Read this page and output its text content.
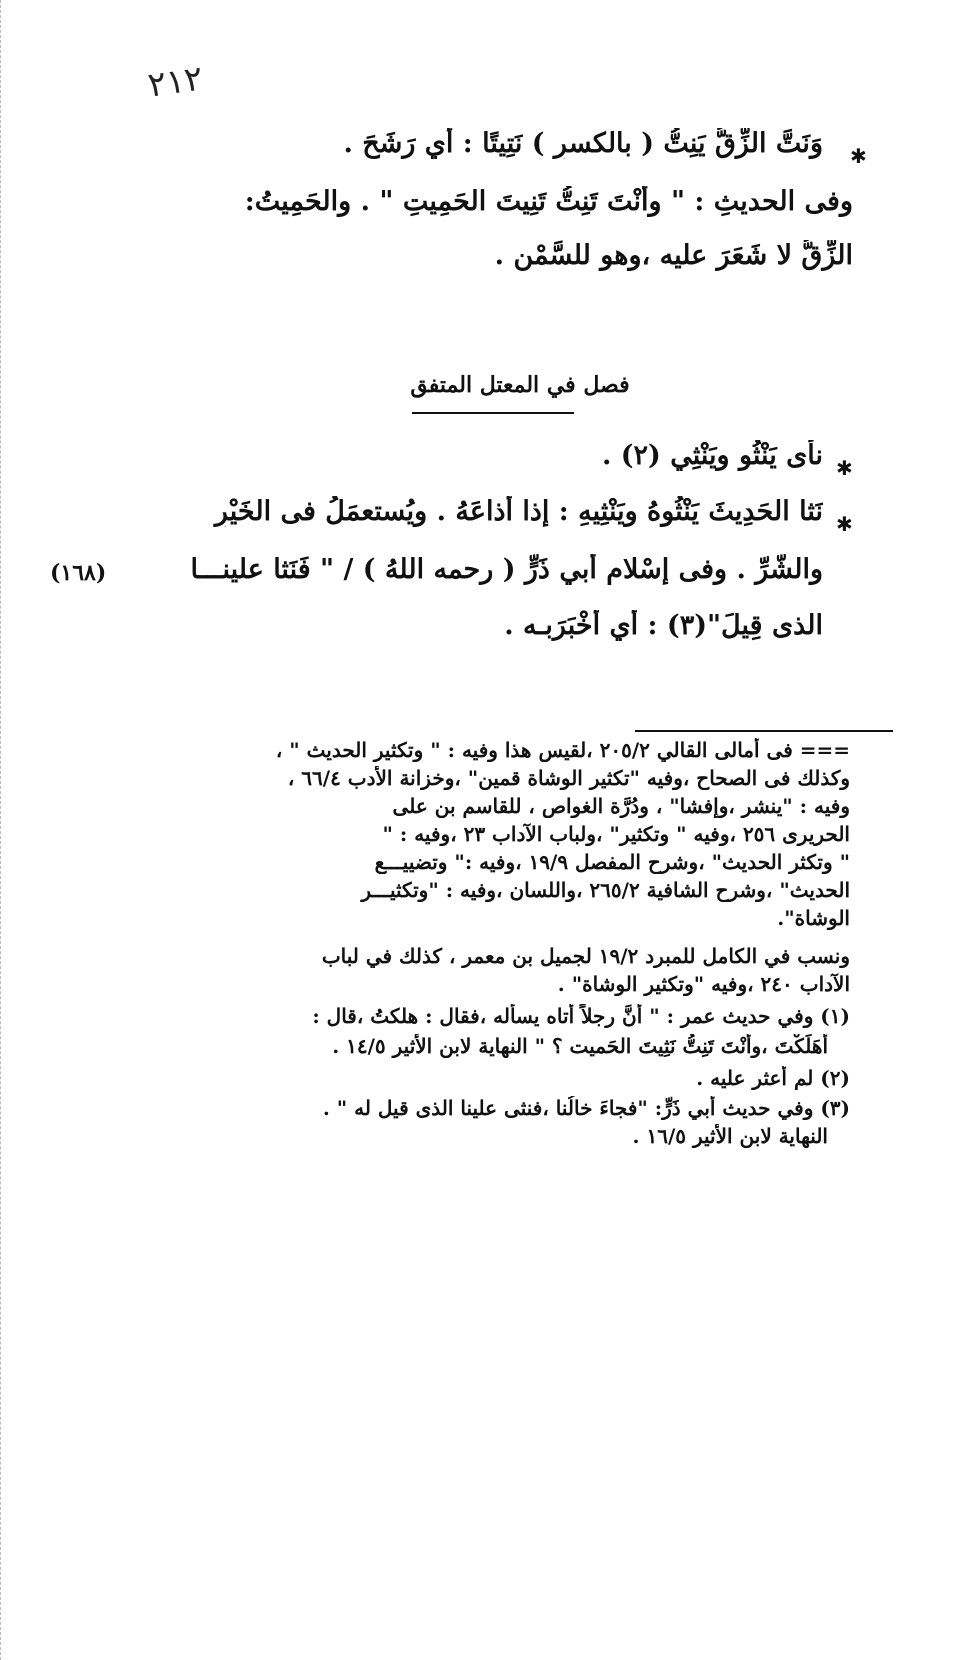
٢١٢
✱
وَنَتَّ الزِّقُّ يَنِتُّ ( بالكسرِ ) نَتِيتًا : أي رَشَحَ .
وفى الحديثِ : " وأَنْتَ تَنِتُّ تَنِيتَ الحَمِيتِ " . والحَمِيتُ:
الزِّقُّ لا شَعَرَ عليه ،وهو للسَّمْنِ .
فصل في المعتل المتفق
✱
نأَى يَنْثُو ويَنْثِي (٢) .
✱
نَثا الحَدِيثَ يَنْثُوهُ ويَنْثِيهِ : إذا أذاعَهُ . ويُستعمَلُ فى الخَيْرِ
والشَّرِّ . وفى إسْلامِ أبي ذَرٍّ ( رحمه اللهُ ) / " فَنَثا علينـــا
(١٦٨)
الذى قِيلَ"(٣) : أي أَخْبَرَبـه .
=== فى أمالى القالي ٢٠٥/٢ ،لقيس هذا وفيه : " وتكثير الحديث " ،
وكذلك فى الصحاح ،وفيه "تكثير الوشاة قمين" ،وخزانة الأدب ٦٦/٤ ،
وفيه : "ينشر ،وإفشا" ، ودُرَّة الغواص ، للقاسم بن على
الحريرى ٢٥٦ ،وفيه " وتكثير" ،ولباب الآداب ٢٣ ،وفيه : "
" وتكثر الحديث" ،وشرح المفصل ١٩/٩ ،وفيه :" وتضييـــع
الحديث" ،وشرح الشافية ٢٦٥/٢ ،واللسان ،وفيه : "وتكثيـــر
الوشاة".
ونسب في الكامل للمبرد ١٩/٢ لجميل بن معمر ، كذلك في لباب
الآداب ٢٤٠ ،وفيه "وتكثير الوشاة" .
(١) وفي حديث عمر : " أَنَّ رجلاً أتاه يسأله ،فقال : هلكتُ ،قال :
أَهَلَكْتَ ،وأَنْتَ تَنِتُّ نَثِيتَ الحَميت ؟ " النهاية لابن الأثير ١٤/٥ .
(٢) لم أعثر عليه .
(٣) وفي حديث أبي ذَرٍّ: "فجاءَ خالُنا ،فنثى علينا الذى قيل له " .
النهاية لابن الأثير ١٦/٥ .
